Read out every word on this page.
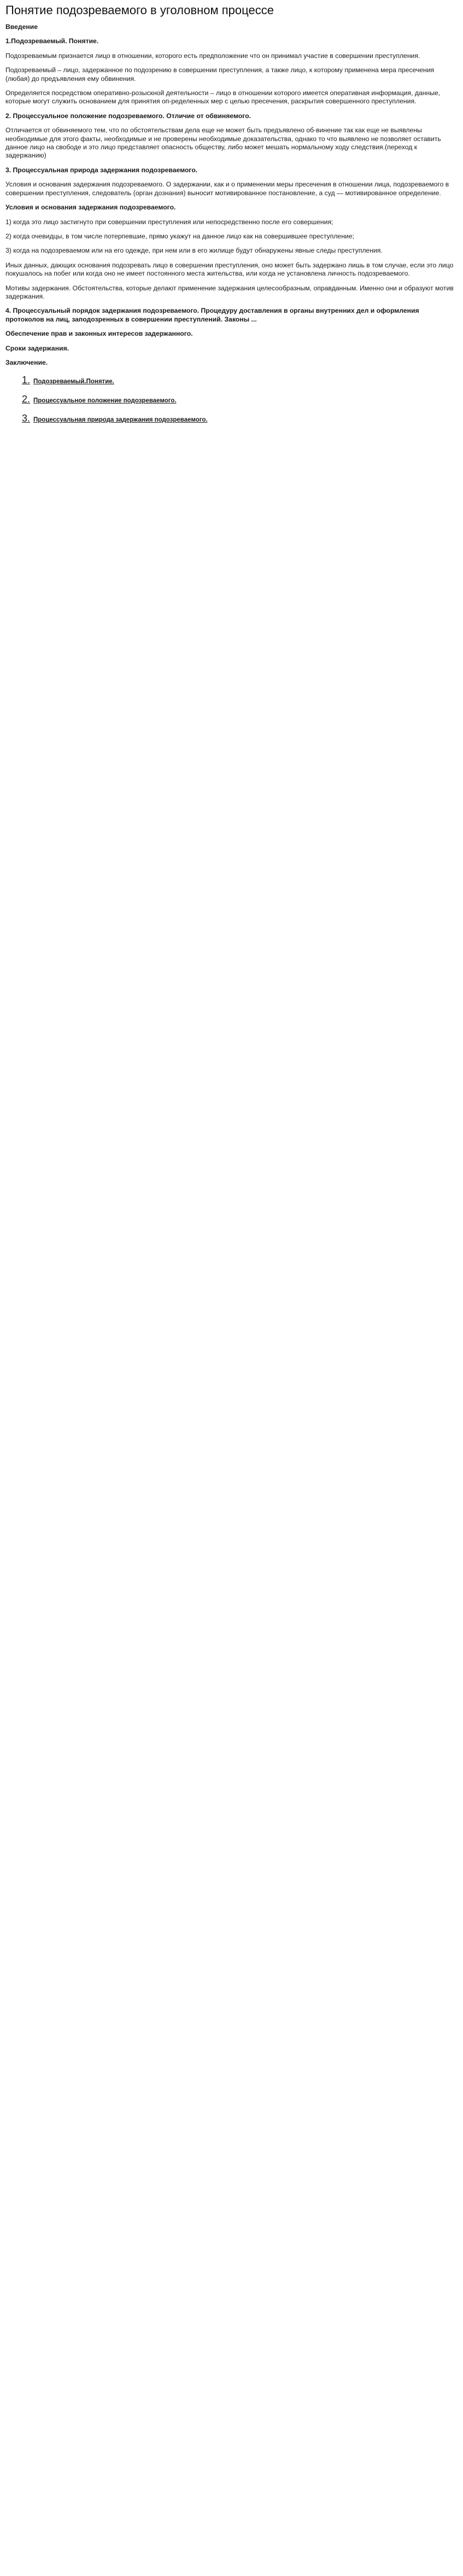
Понятие подозреваемого в уголовном процессе

Введение

1.Подозреваемый. Понятие.

Подозреваемым признается лицо в отношении, которого есть предположение что он принимал участие в совершении преступления.

Подозреваемый – лицо, задержанное по подозрению в совершении преступления, а также лицо, к которому применена мера пресечения (любая) до предъявления ему обвинения.

Определяется посредством оперативно-розыскной деятельности – лицо в отношении которого имеется оперативная информация, данные, которые могут служить основанием для принятия оп-ределенных мер с целью пресечения, раскрытия совершенного преступления.

2. Процессуальное положение подозреваемого. Отличие от обвиняемого.

Отличается от обвиняемого тем, что по обстоятельствам дела еще не может быть предъявлено об-винение так как еще не выявлены необходимые для этого факты, необходимые и не проверены необходимые доказательства, однако то что выявлено не позволяет оставить данное лицо на свободе и это лицо представляет опасность обществу, либо может мешать нормальному ходу следствия.(переход к задержанию)

3. Процессуальная природа задержания подозреваемого.

Условия и основания задержания подозреваемого. О задержании, как и о применении меры пресечения в отношении лица, подозреваемого в совершении преступления, следователь (орган дознания) выносит мотивированное постановление, а суд — мотивированное определение.

Условия и основания задержания подозреваемого.

1) когда это лицо застигнуто при совершении преступления или непосредственно после его совершения;

2) когда очевидцы, в том числе потерпевшие, прямо укажут на данное лицо как на совершившее преступление;

3) когда на подозреваемом или на его одежде, при нем или в его жилище будут обнаружены явные следы преступления.

Иных данных, дающих основания подозревать лицо в совершении преступления, оно может быть задержано лишь в том случае, если это лицо покушалось на побег или когда оно не имеет постоянного места жительства, или когда не установлена личность подозреваемого.

Мотивы задержания. Обстоятельства, которые делают применение задержания целесообразным, оправданным. Именно они и образуют мотив задержания.

4. Процессуальный порядок задержания подозреваемого. Процедуру доставления в органы внутренних дел и оформления протоколов на лиц, заподозренных в совершении преступлений. Законы ...

Обеспечение прав и законных интересов задержанного.

Сроки задержания.

Заключение.

1. Подозреваемый.Понятие.
2. Процессуальное положение подозреваемого.
3. Процессуальная природа задержания подозреваемого.
